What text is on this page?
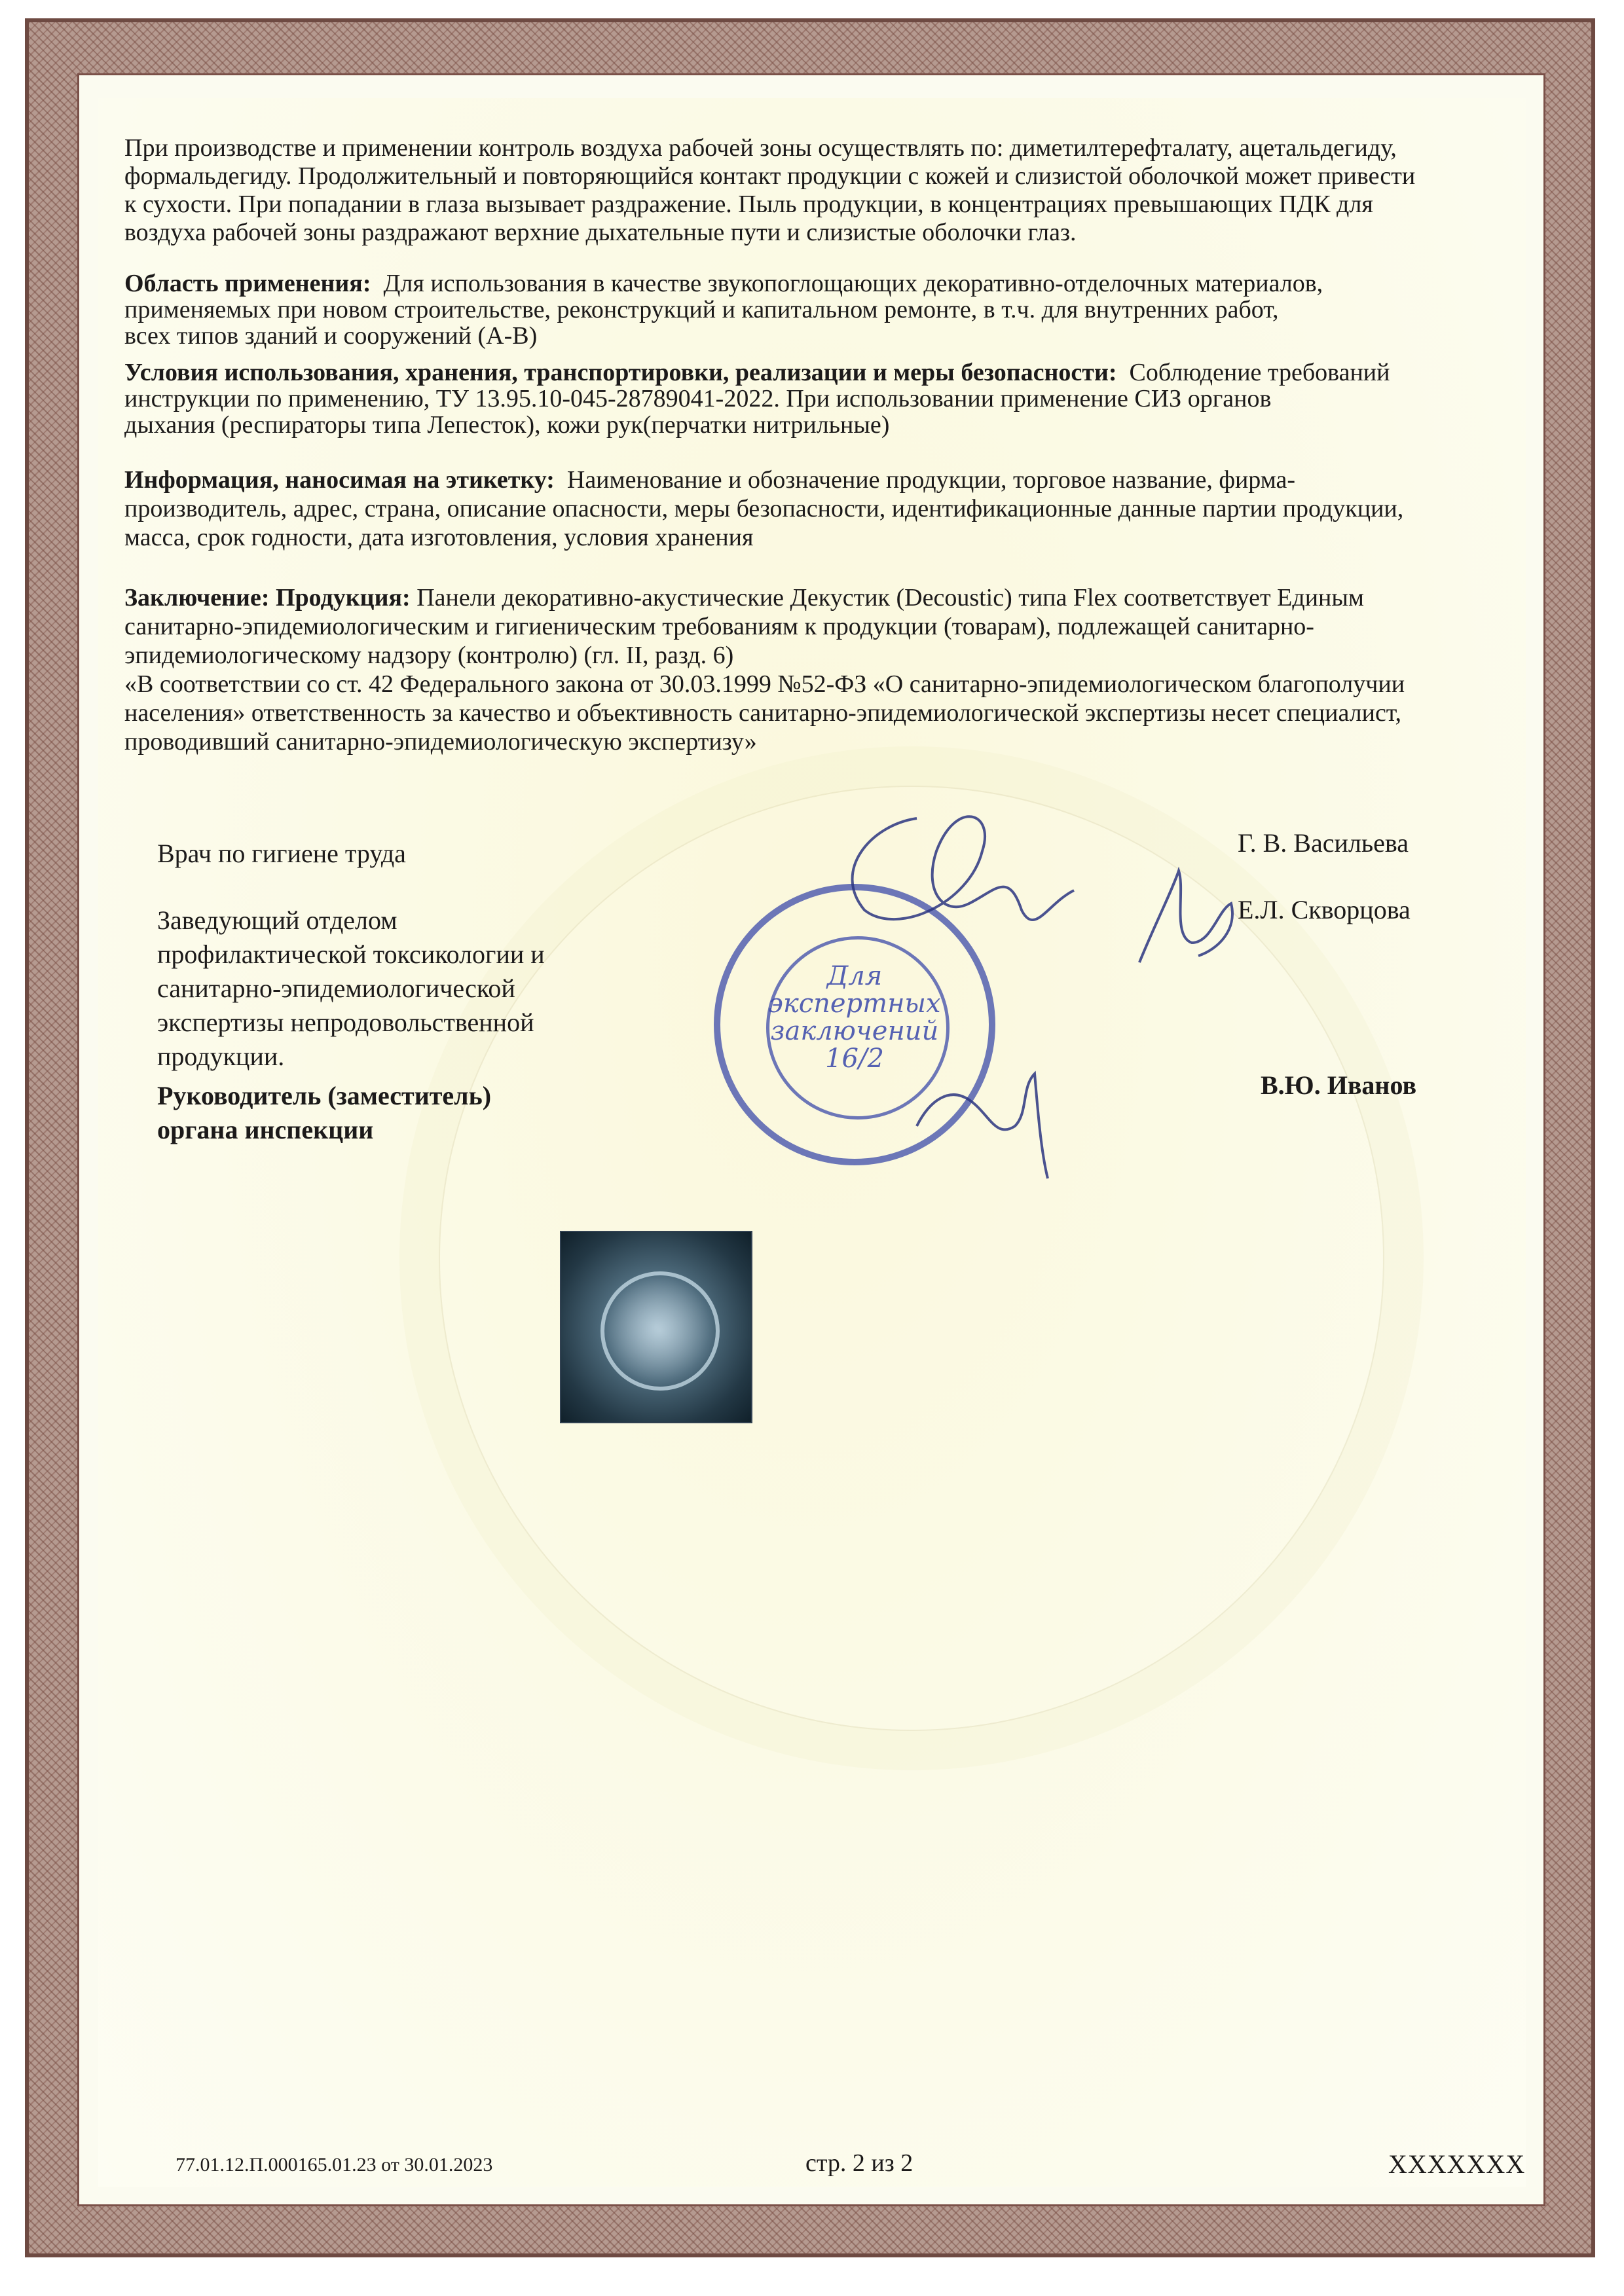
При производстве и применении контроль воздуха рабочей зоны осуществлять по: диметилтерефталату, ацетальдегиду,
формальдегиду. Продолжительный и повторяющийся контакт продукции с кожей и слизистой оболочкой может привести
к сухости. При попадании в глаза вызывает раздражение. Пыль продукции, в концентрациях превышающих ПДК для
воздуха рабочей зоны раздражают верхние дыхательные пути и слизистые оболочки глаз.
Область применения: Для использования в качестве звукопоглощающих декоративно-отделочных материалов,
применяемых при новом строительстве, реконструкций и капитальном ремонте, в т.ч. для внутренних работ,
всех типов зданий и сооружений (А-В)
Условия использования, хранения, транспортировки, реализации и меры безопасности: Соблюдение требований
инструкции по применению, ТУ 13.95.10-045-28789041-2022. При использовании применение СИЗ органов
дыхания (респираторы типа Лепесток), кожи рук(перчатки нитрильные)
Информация, наносимая на этикетку: Наименование и обозначение продукции, торговое название, фирма-
производитель, адрес, страна, описание опасности, меры безопасности, идентификационные данные партии продукции,
масса, срок годности, дата изготовления, условия хранения
Заключение: Продукция: Панели декоративно-акустические Декустик (Decoustic) типа Flex соответствует Единым
санитарно-эпидемиологическим и гигиеническим требованиям к продукции (товарам), подлежащей санитарно-
эпидемиологическому надзору (контролю) (гл. II, разд. 6)
«В соответствии со ст. 42 Федерального закона от 30.03.1999 №52-ФЗ «О санитарно-эпидемиологическом благополучии
населения» ответственность за качество и объективность санитарно-эпидемиологической экспертизы несет специалист,
проводивший санитарно-эпидемиологическую экспертизу»
Врач по гигиене труда
Заведующий отделом
профилактической токсикологии и
санитарно-эпидемиологической
экспертизы непродовольственной
продукции.
Руководитель (заместитель)
органа инспекции
Г. В. Васильева
Е.Л. Скворцова
В.Ю. Иванов
Для
экспертных
заключений
16/2
77.01.12.П.000165.01.23 от 30.01.2023	стр. 2 из 2	XXXXXXX
